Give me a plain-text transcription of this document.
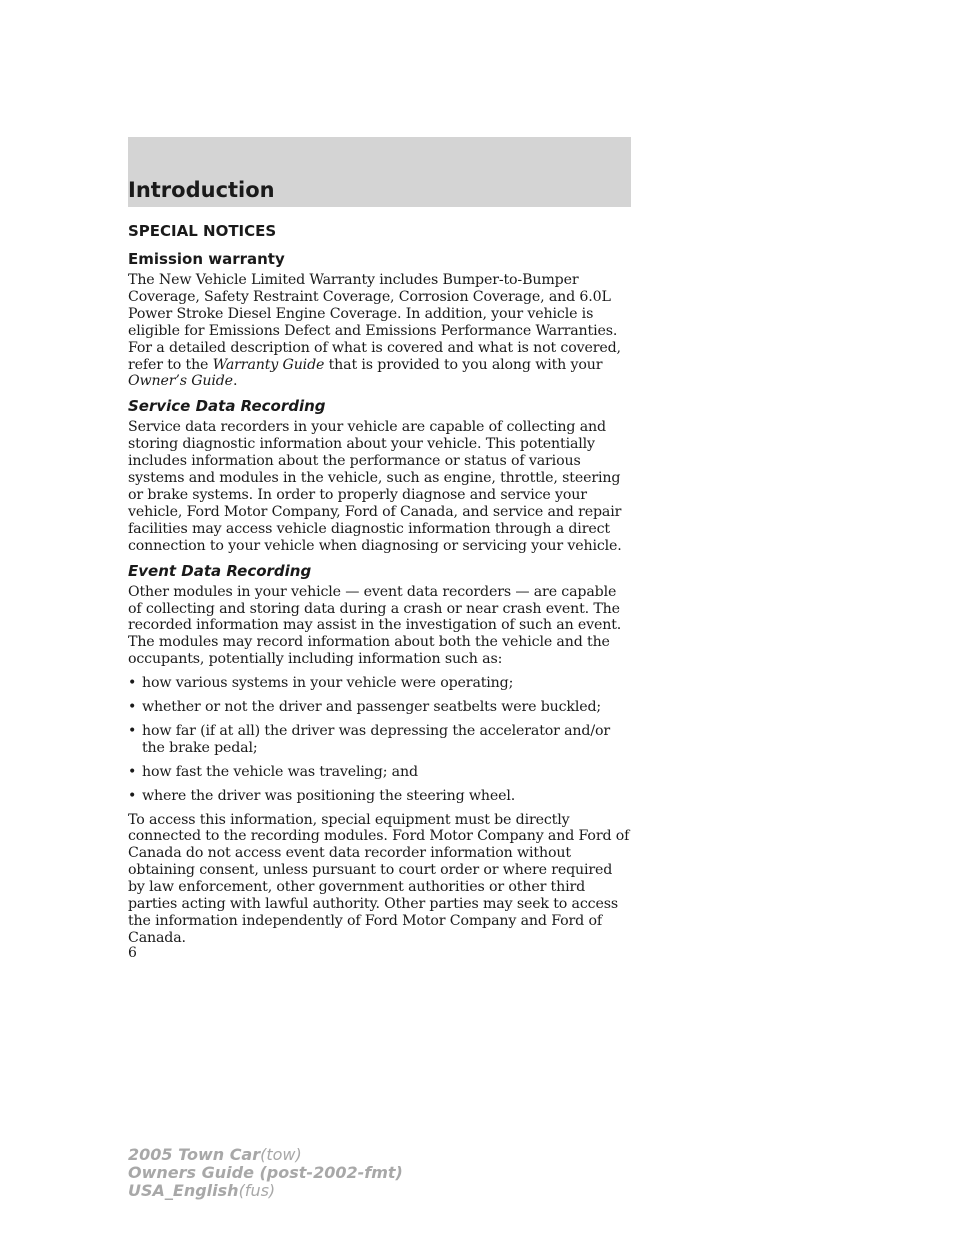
Introduction
SPECIAL NOTICES
Emission warranty

The New Vehicle Limited Warranty includes Bumper-to-Bumper Coverage, Safety Restraint Coverage, Corrosion Coverage, and 6.0L Power Stroke Diesel Engine Coverage. In addition, your vehicle is eligible for Emissions Defect and Emissions Performance Warranties. For a detailed description of what is covered and what is not covered, refer to the Warranty Guide that is provided to you along with your Owner’s Guide.

Service Data Recording

Service data recorders in your vehicle are capable of collecting and storing diagnostic information about your vehicle. This potentially includes information about the performance or status of various systems and modules in the vehicle, such as engine, throttle, steering or brake systems. In order to properly diagnose and service your vehicle, Ford Motor Company, Ford of Canada, and service and repair facilities may access vehicle diagnostic information through a direct connection to your vehicle when diagnosing or servicing your vehicle.

Event Data Recording

Other modules in your vehicle — event data recorders — are capable of collecting and storing data during a crash or near crash event. The recorded information may assist in the investigation of such an event. The modules may record information about both the vehicle and the occupants, potentially including information such as:

• how various systems in your vehicle were operating;
• whether or not the driver and passenger seatbelts were buckled;
• how far (if at all) the driver was depressing the accelerator and/or the brake pedal;
• how fast the vehicle was traveling; and
• where the driver was positioning the steering wheel.

To access this information, special equipment must be directly connected to the recording modules. Ford Motor Company and Ford of Canada do not access event data recorder information without obtaining consent, unless pursuant to court order or where required by law enforcement, other government authorities or other third parties acting with lawful authority. Other parties may seek to access the information independently of Ford Motor Company and Ford of Canada.

6
2005 Town Car(tow)
Owners Guide (post-2002-fmt)
USA_English(fus)
